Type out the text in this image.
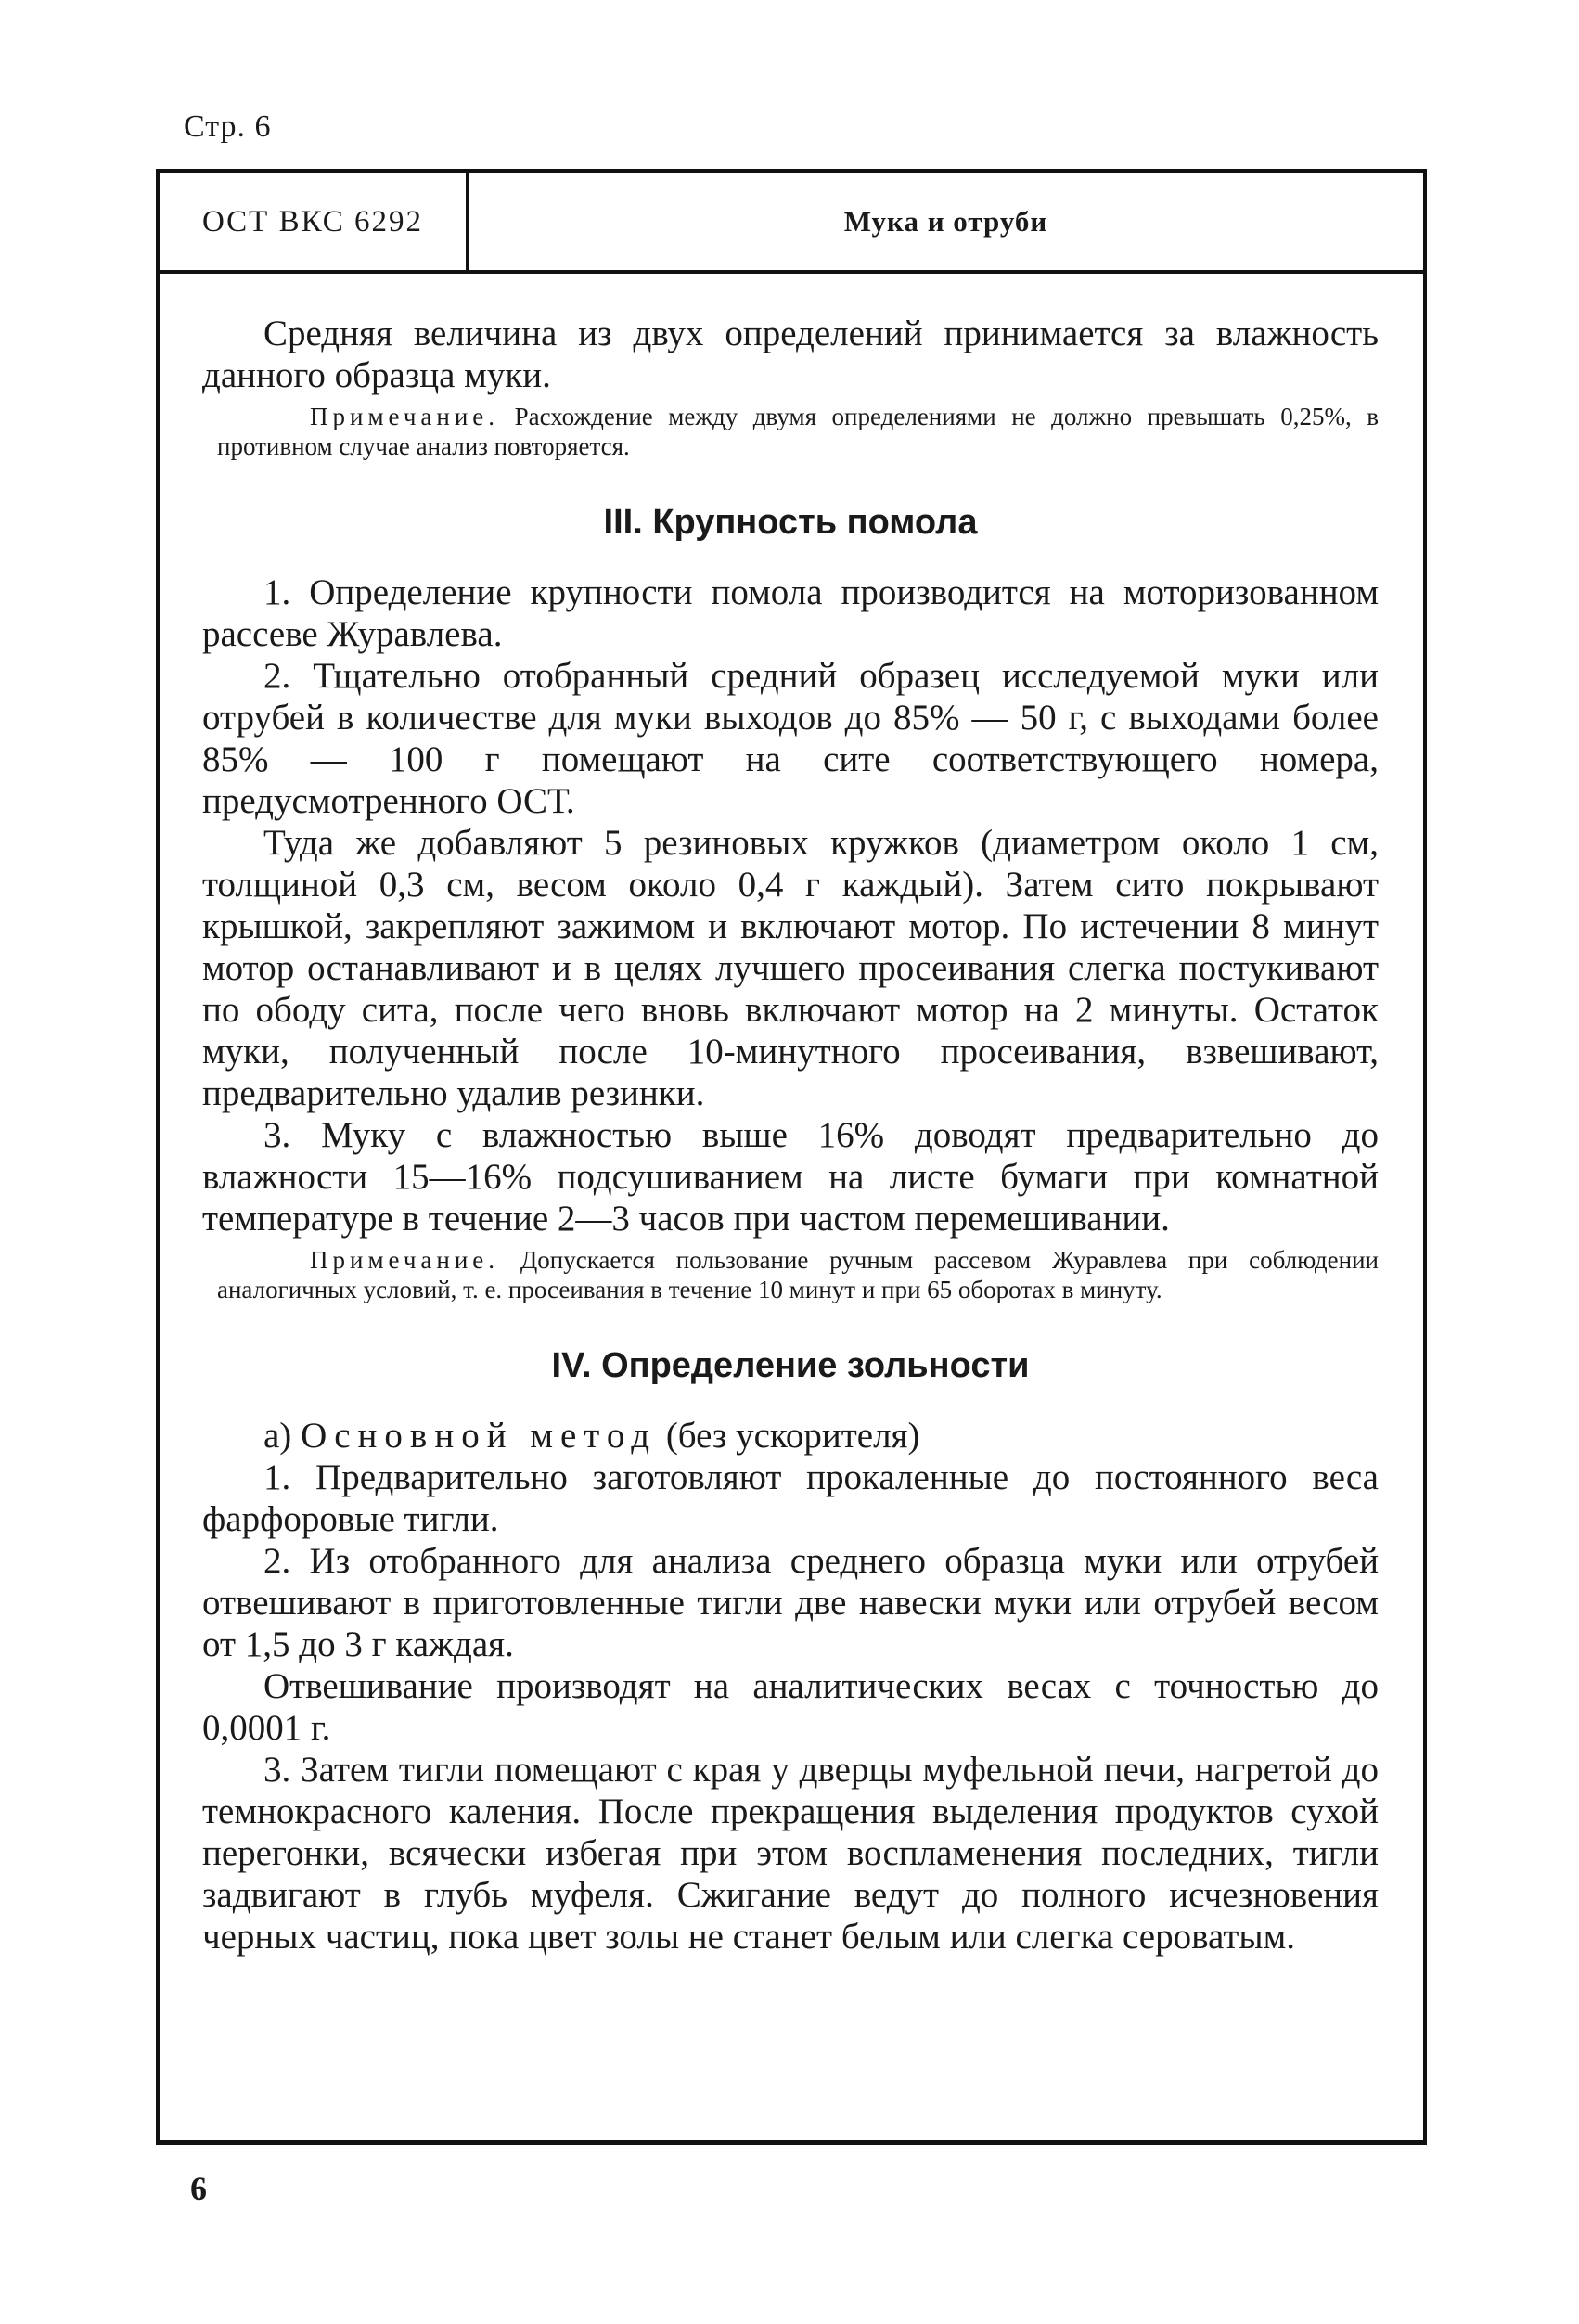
Стр. 6
ОСТ ВКС 6292	Мука и отруби

Средняя величина из двух определений принимается за влажность данного образца муки.

Примечание. Расхождение между двумя определениями не должно превышать 0,25%, в противном случае анализ повторяется.

III. Крупность помола

1. Определение крупности помола производится на моторизованном рассеве Журавлева.

2. Тщательно отобранный средний образец исследуемой муки или отрубей в количестве для муки выходов до 85% — 50 г, с выходами более 85% — 100 г помещают на сите соответствующего номера, предусмотренного ОСТ.

Туда же добавляют 5 резиновых кружков (диаметром около 1 см, толщиной 0,3 см, весом около 0,4 г каждый). Затем сито покрывают крышкой, закрепляют зажимом и включают мотор. По истечении 8 минут мотор останавливают и в целях лучшего просеивания слегка постукивают по ободу сита, после чего вновь включают мотор на 2 минуты. Остаток муки, полученный после 10-минутного просеивания, взвешивают, предварительно удалив резинки.

3. Муку с влажностью выше 16% доводят предварительно до влажности 15—16% подсушиванием на листе бумаги при комнатной температуре в течение 2—3 часов при частом перемешивании.

Примечание. Допускается пользование ручным рассевом Журавлева при соблюдении аналогичных условий, т. е. просеивания в течение 10 минут и при 65 оборотах в минуту.

IV. Определение зольности

а) Основной метод (без ускорителя)

1. Предварительно заготовляют прокаленные до постоянного веса фарфоровые тигли.

2. Из отобранного для анализа среднего образца муки или отрубей отвешивают в приготовленные тигли две навески муки или отрубей весом от 1,5 до 3 г каждая.

Отвешивание производят на аналитических весах с точностью до 0,0001 г.

3. Затем тигли помещают с края у дверцы муфельной печи, нагретой до темнокрасного каления. После прекращения выделения продуктов сухой перегонки, всячески избегая при этом воспламенения последних, тигли задвигают в глубь муфеля. Сжигание ведут до полного исчезновения черных частиц, пока цвет золы не станет белым или слегка сероватым.

6
